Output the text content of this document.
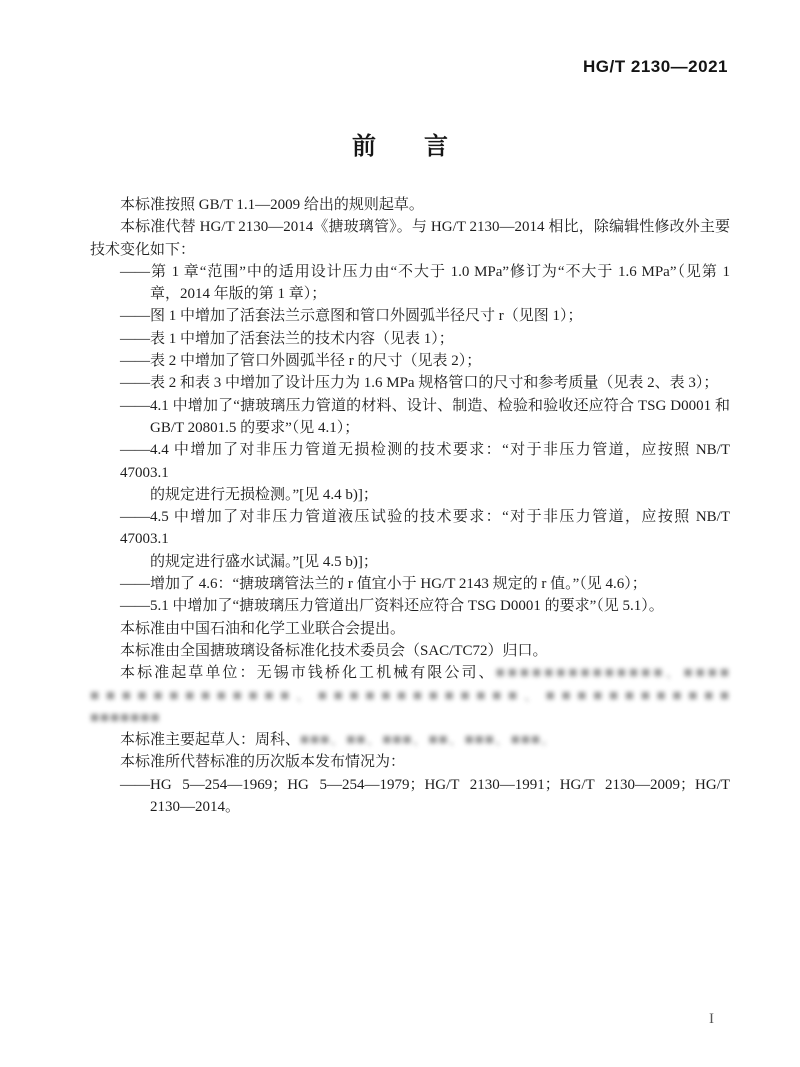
HG/T 2130—2021
前　　言
本标准按照 GB/T 1.1—2009 给出的规则起草。
本标准代替 HG/T 2130—2014《搪玻璃管》。与 HG/T 2130—2014 相比，除编辑性修改外主要
技术变化如下：
——第 1 章“范围”中的适用设计压力由“不大于 1.0 MPa”修订为“不大于 1.6 MPa”（见第 1
章，2014 年版的第 1 章）；
——图 1 中增加了活套法兰示意图和管口外圆弧半径尺寸 r（见图 1）；
——表 1 中增加了活套法兰的技术内容（见表 1）；
——表 2 中增加了管口外圆弧半径 r 的尺寸（见表 2）；
——表 2 和表 3 中增加了设计压力为 1.6 MPa 规格管口的尺寸和参考质量（见表 2、表 3）；
——4.1 中增加了“搪玻璃压力管道的材料、设计、制造、检验和验收还应符合 TSG D0001 和
GB/T 20801.5 的要求”（见 4.1）；
——4.4 中增加了对非压力管道无损检测的技术要求：“对于非压力管道，应按照 NB/T 47003.1
的规定进行无损检测。”[见 4.4 b)]；
——4.5 中增加了对非压力管道液压试验的技术要求：“对于非压力管道，应按照 NB/T 47003.1
的规定进行盛水试漏。”[见 4.5 b)]；
——增加了 4.6：“搪玻璃管法兰的 r 值宜小于 HG/T 2143 规定的 r 值。”（见 4.6）；
——5.1 中增加了“搪玻璃压力管道出厂资料还应符合 TSG D0001 的要求”（见 5.1）。
本标准由中国石油和化学工业联合会提出。
本标准由全国搪玻璃设备标准化技术委员会（SAC/TC72）归口。
本标准起草单位：无锡市钱桥化工机械有限公司、■■■■■■■■■■■■■■、■■■■
■■■■■■■■■■■■■、■■■■■■■■■■■■■、■■■■■■■■■■■■
■■■■■■■
本标准主要起草人：周科、■■■、■■、■■■、■■、■■■、■■■。
本标准所代替标准的历次版本发布情况为：
——HG 5—254—1969；HG 5—254—1979；HG/T 2130—1991；HG/T 2130—2009；HG/T
2130—2014。
I
